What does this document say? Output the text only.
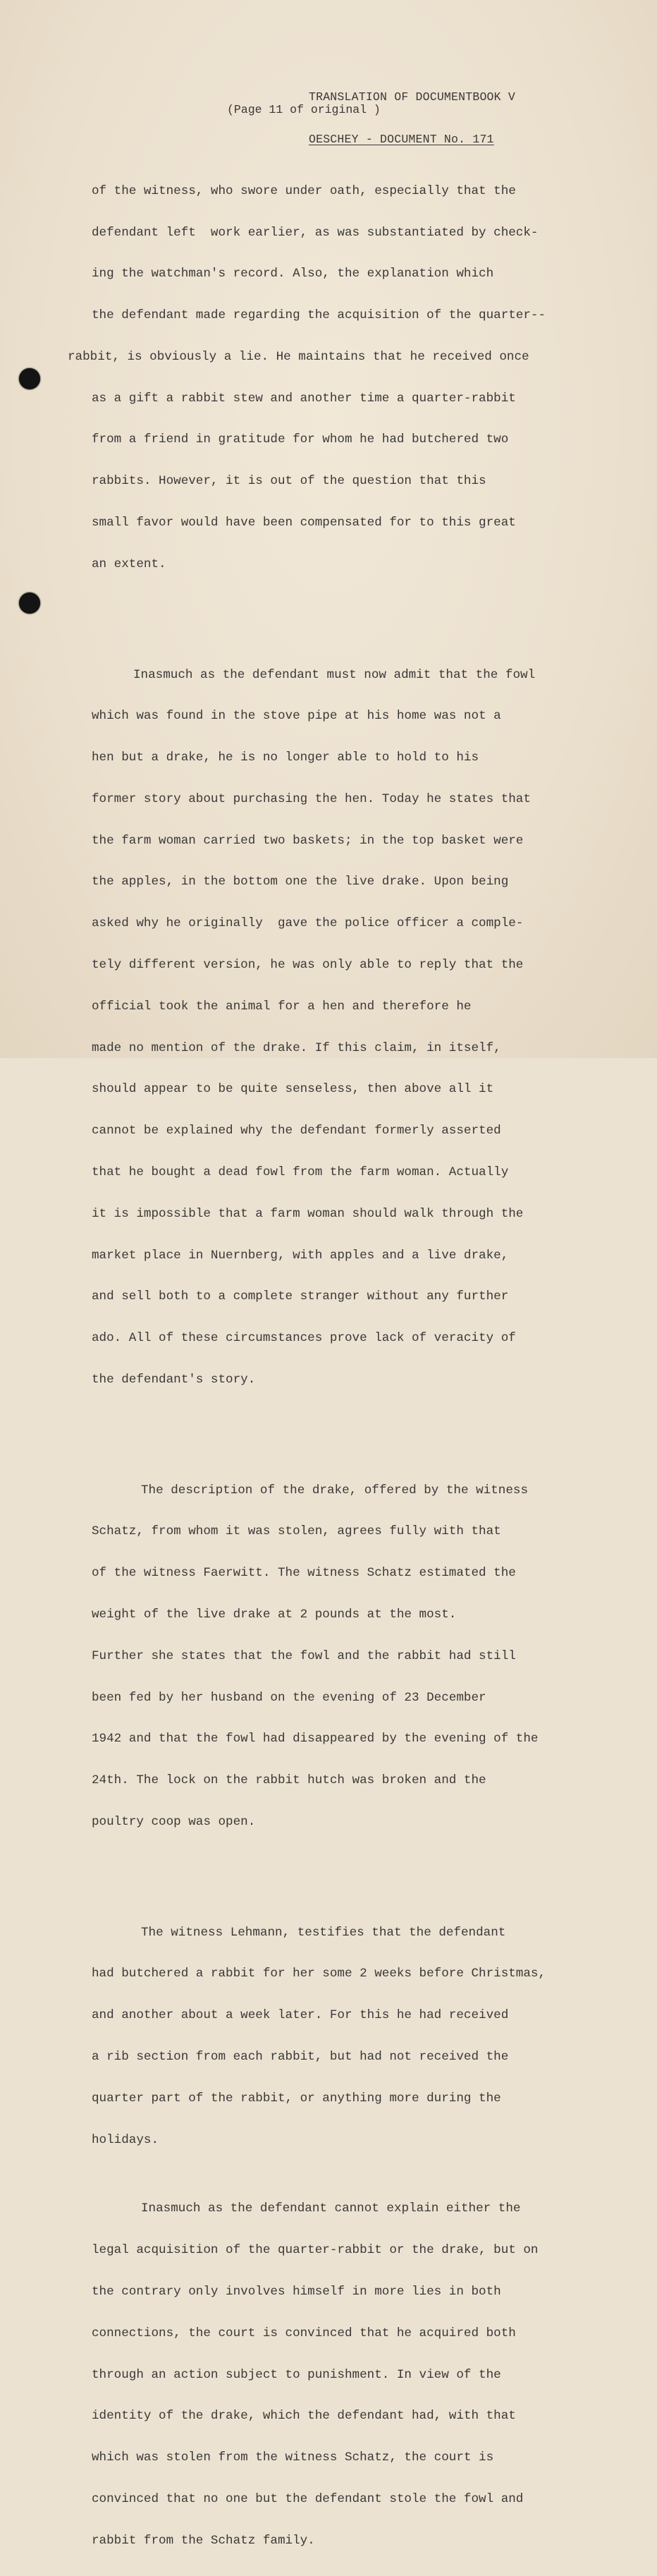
TRANSLATION OF DOCUMENTBOOK V

OESCHEY - DOCUMENT No. 171

(Page 11 of original )

of the witness, who swore under oath, especially that the

defendant left  work earlier, as was substantiated by check-

ing the watchman's record. Also, the explanation which

the defendant made regarding the acquisition of the quarter--

rabbit, is obviously a lie. He maintains that he received once

as a gift a rabbit stew and another time a quarter-rabbit

from a friend in gratitude for whom he had butchered two

rabbits. However, it is out of the question that this

small favor would have been compensated for to this great

an extent.

Inasmuch as the defendant must now admit that the fowl

which was found in the stove pipe at his home was not a

hen but a drake, he is no longer able to hold to his

former story about purchasing the hen. Today he states that

the farm woman carried two baskets; in the top basket were

the apples, in the bottom one the live drake. Upon being

asked why he originally  gave the police officer a comple-

tely different version, he was only able to reply that the

official took the animal for a hen and therefore he

made no mention of the drake. If this claim, in itself,

should appear to be quite senseless, then above all it

cannot be explained why the defendant formerly asserted

that he bought a dead fowl from the farm woman. Actually

it is impossible that a farm woman should walk through the

market place in Nuernberg, with apples and a live drake,

and sell both to a complete stranger without any further

ado. All of these circumstances prove lack of veracity of

the defendant's story.

The description of the drake, offered by the witness

Schatz, from whom it was stolen, agrees fully with that

of the witness Faerwitt. The witness Schatz estimated the

weight of the live drake at 2 pounds at the most.

Further she states that the fowl and the rabbit had still

been fed by her husband on the evening of 23 December

1942 and that the fowl had disappeared by the evening of the

24th. The lock on the rabbit hutch was broken and the

poultry coop was open.

The witness Lehmann, testifies that the defendant

had butchered a rabbit for her some 2 weeks before Christmas,

and another about a week later. For this he had received

a rib section from each rabbit, but had not received the

quarter part of the rabbit, or anything more during the

holidays.

Inasmuch as the defendant cannot explain either the

legal acquisition of the quarter-rabbit or the drake, but on

the contrary only involves himself in more lies in both

connections, the court is convinced that he acquired both

through an action subject to punishment. In view of the

identity of the drake, which the defendant had, with that

which was stolen from the witness Schatz, the court is

convinced that no one but the defendant stole the fowl and

rabbit from the Schatz family.
